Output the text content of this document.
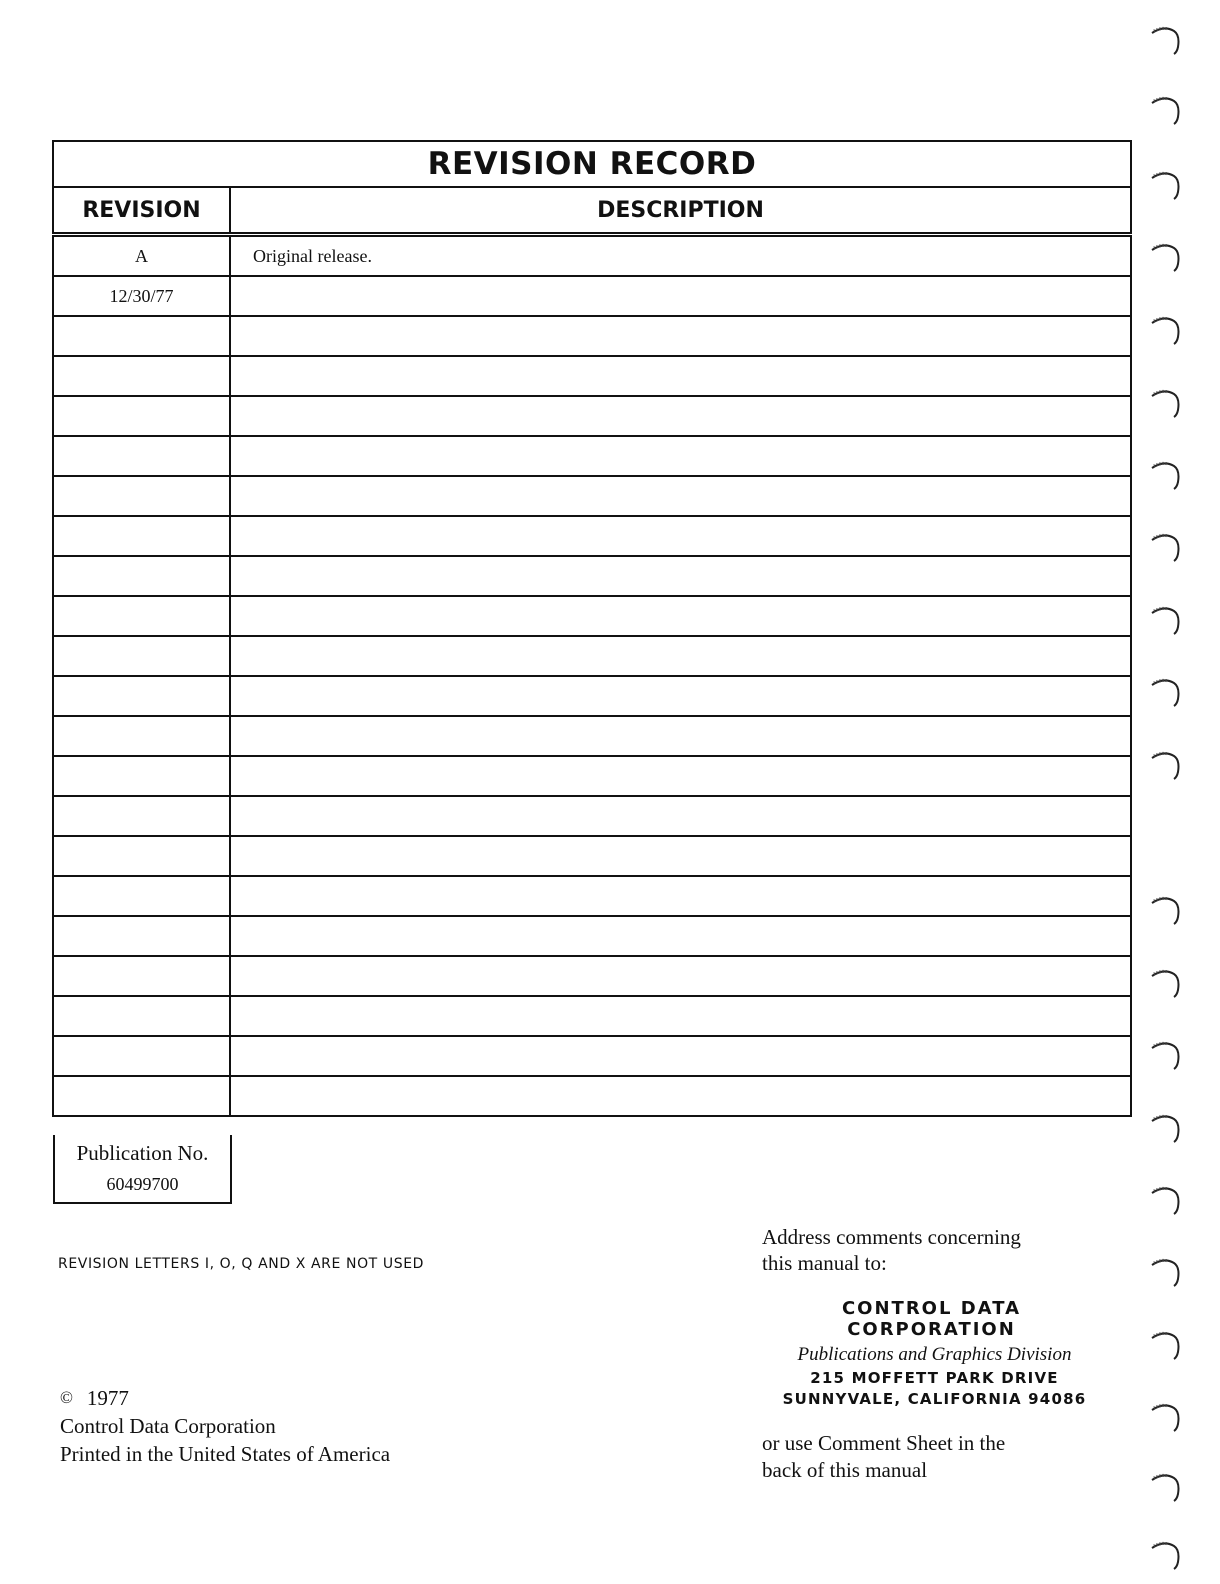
REVISION RECORD	
REVISION	DESCRIPTION
A	Original release.
12/30/77	

Publication No.
60499700
REVISION LETTERS I, O, Q AND X ARE NOT USED
© 1977
Control Data Corporation
Printed in the United States of America
Address comments concerning
this manual to:
CONTROL DATA CORPORATION
Publications and Graphics Division
215 MOFFETT PARK DRIVE
SUNNYVALE, CALIFORNIA 94086
or use Comment Sheet in the
back of this manual
